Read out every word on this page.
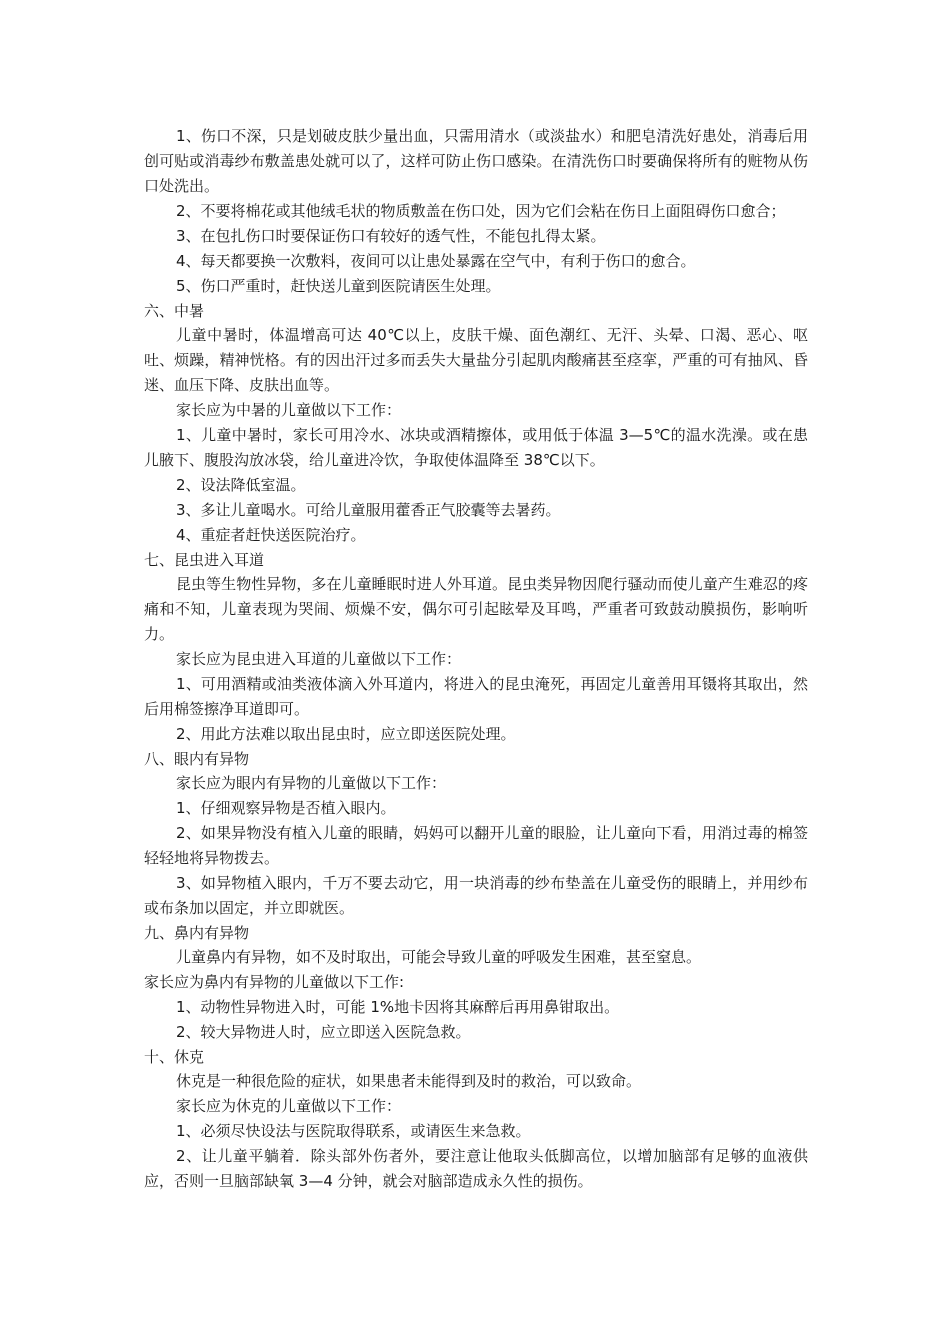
1、伤口不深，只是划破皮肤少量出血，只需用清水（或淡盐水）和肥皂清洗好患处，消毒后用创可贴或消毒纱布敷盖患处就可以了，这样可防止伤口感染。在清洗伤口时要确保将所有的赃物从伤口处洗出。

2、不要将棉花或其他绒毛状的物质敷盖在伤口处，因为它们会粘在伤日上面阻碍伤口愈合；

3、在包扎伤口时要保证伤口有较好的透气性，不能包扎得太紧。

4、每天都要换一次敷料，夜间可以让患处暴露在空气中，有利于伤口的愈合。

5、伤口严重时，赶快送儿童到医院请医生处理。

六、中暑

儿童中暑时，体温增高可达 40℃以上，皮肤干燥、面色潮红、无汗、头晕、口渴、恶心、呕吐、烦躁，精神恍格。有的因出汗过多而丢失大量盐分引起肌肉酸痛甚至痉挛，严重的可有抽风、昏迷、血压下降、皮肤出血等。

家长应为中暑的儿童做以下工作：

1、儿童中暑时，家长可用冷水、冰块或酒精擦体，或用低于体温 3—5℃的温水洗澡。或在患儿腋下、腹股沟放冰袋，给儿童进冷饮，争取使体温降至 38℃以下。

2、设法降低室温。

3、多让儿童喝水。可给儿童服用藿香正气胶囊等去暑药。

4、重症者赶快送医院治疗。

七、昆虫进入耳道

昆虫等生物性异物，多在儿童睡眠时进人外耳道。昆虫类异物因爬行骚动而使儿童产生难忍的疼痛和不知，儿童表现为哭闹、烦燥不安，偶尔可引起眩晕及耳鸣，严重者可致鼓动膜损伤，影响听力。

家长应为昆虫进入耳道的儿童做以下工作：

1、可用酒精或油类液体滴入外耳道内，将进入的昆虫淹死，再固定儿童善用耳镊将其取出，然后用棉签擦净耳道即可。

2、用此方法难以取出昆虫时，应立即送医院处理。

八、眼内有异物

家长应为眼内有异物的儿童做以下工作：

1、仔细观察异物是否植入眼内。

2、如果异物没有植入儿童的眼睛，妈妈可以翻开儿童的眼脸，让儿童向下看，用消过毒的棉签轻轻地将异物拨去。

3、如异物植入眼内，千万不要去动它，用一块消毒的纱布垫盖在儿童受伤的眼睛上，并用纱布或布条加以固定，并立即就医。

九、鼻内有异物

儿童鼻内有异物，如不及时取出，可能会导致儿童的呼吸发生困难，甚至窒息。

家长应为鼻内有异物的儿童做以下工作:

1、动物性异物进入时，可能 1%地卡因将其麻醉后再用鼻钳取出。

2、较大异物进人时，应立即送入医院急救。

十、休克

休克是一种很危险的症状，如果患者未能得到及时的救治，可以致命。

家长应为休克的儿童做以下工作：

1、必须尽快设法与医院取得联系，或请医生来急救。

2、让儿童平躺着．除头部外伤者外，要注意让他取头低脚高位，以增加脑部有足够的血液供应，否则一旦脑部缺氧 3—4 分钟，就会对脑部造成永久性的损伤。
